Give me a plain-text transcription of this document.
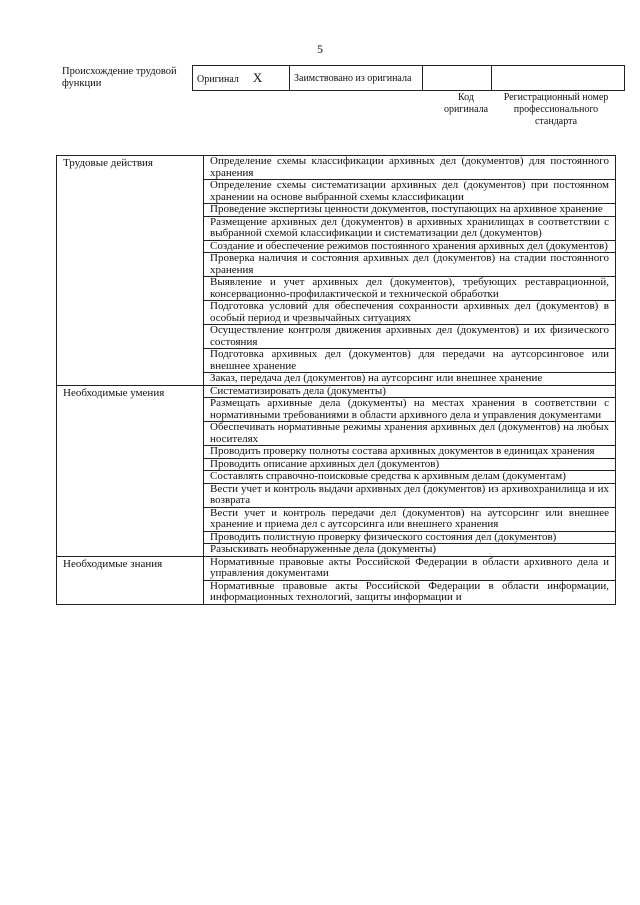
5
Происхождение трудовой функции	Оригинал X	Заимствовано из оригинала		
Код оригинала
Регистрационный номер профессионального стандарта
Трудовые действия	Определение схемы классификации архивных дел (документов) для постоянного хранения
	Определение схемы систематизации архивных дел (документов) при постоянном хранении на основе выбранной схемы классификации
	Проведение экспертизы ценности документов, поступающих на архивное хранение
	Размещение архивных дел (документов) в архивных хранилищах в соответствии с выбранной схемой классификации и систематизации дел (документов)
	Создание и обеспечение режимов постоянного хранения архивных дел (документов)
	Проверка наличия и состояния архивных дел (документов) на стадии постоянного хранения
	Выявление и учет архивных дел (документов), требующих реставрационной, консервационно-профилактической и технической обработки
	Подготовка условий для обеспечения сохранности архивных дел (документов) в особый период и чрезвычайных ситуациях
	Осуществление контроля движения архивных дел (документов) и их физического состояния
	Подготовка архивных дел (документов) для передачи на аутсорсинговое или внешнее хранение
	Заказ, передача дел (документов) на аутсорсинг или внешнее хранение
Необходимые умения	Систематизировать дела (документы)
	Размещать архивные дела (документы) на местах хранения в соответствии с нормативными требованиями в области архивного дела и управления документами
	Обеспечивать нормативные режимы хранения архивных дел (документов) на любых носителях
	Проводить проверку полноты состава архивных документов в единицах хранения
	Проводить описание архивных дел (документов)
	Составлять справочно-поисковые средства к архивным делам (документам)
	Вести учет и контроль выдачи архивных дел (документов) из архивохранилища и их возврата
	Вести учет и контроль передачи дел (документов) на аутсорсинг или внешнее хранение и приема дел с аутсорсинга или внешнего хранения
	Проводить полистную проверку физического состояния дел (документов)
	Разыскивать необнаруженные дела (документы)
Необходимые знания	Нормативные правовые акты Российской Федерации в области архивного дела и управления документами
	Нормативные правовые акты Российской Федерации в области информации, информационных технологий, защиты информации и
